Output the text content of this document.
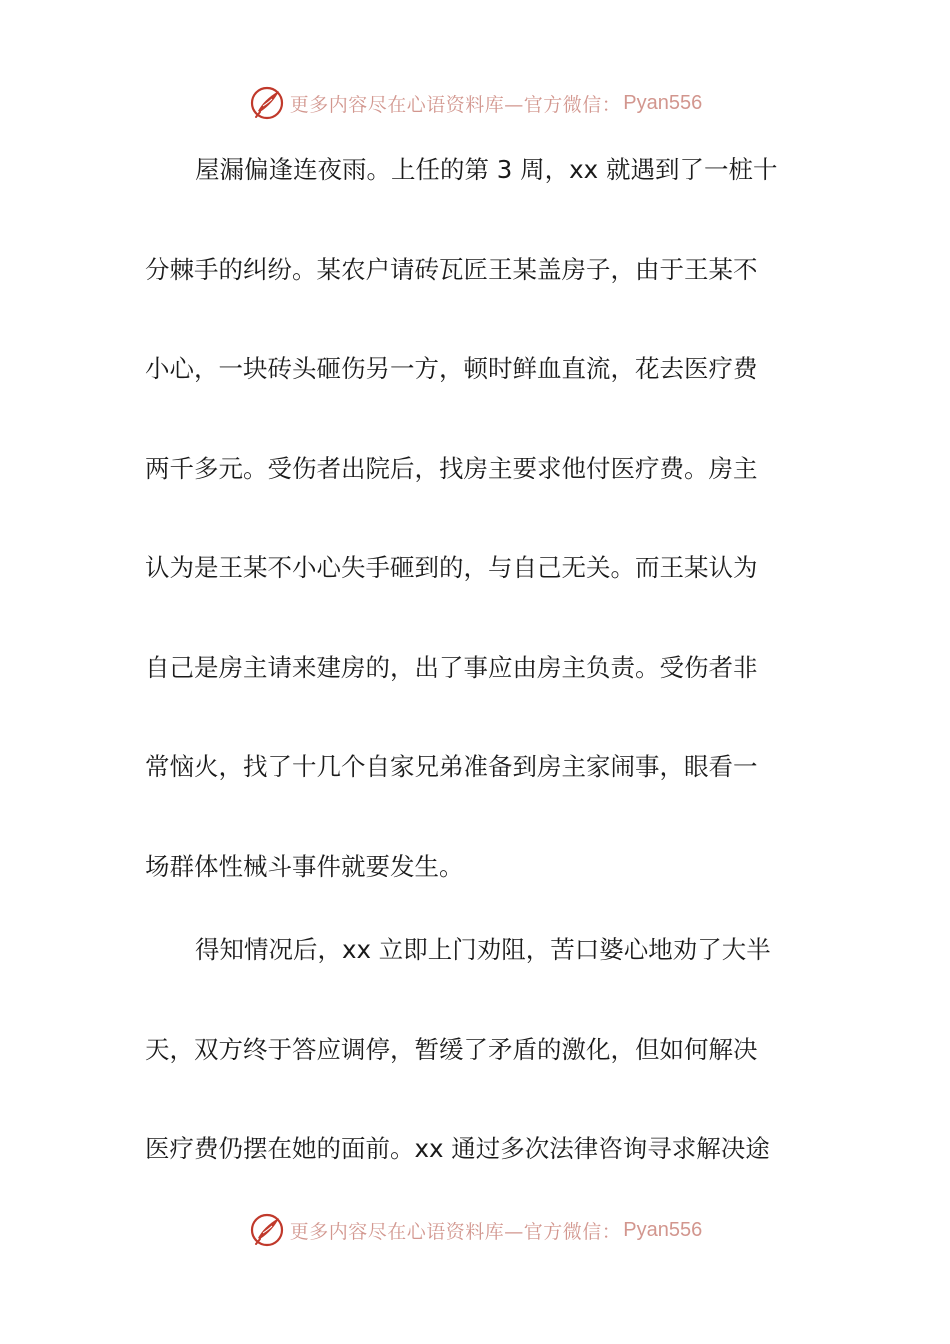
更多内容尽在心语资料库—官方微信： Pyan556
屋漏偏逢连夜雨。上任的第 3 周，xx 就遇到了一桩十
分棘手的纠纷。某农户请砖瓦匠王某盖房子，由于王某不
小心，一块砖头砸伤另一方，顿时鲜血直流，花去医疗费
两千多元。受伤者出院后，找房主要求他付医疗费。房主
认为是王某不小心失手砸到的，与自己无关。而王某认为
自己是房主请来建房的，出了事应由房主负责。受伤者非
常恼火，找了十几个自家兄弟准备到房主家闹事，眼看一
场群体性械斗事件就要发生。
得知情况后，xx 立即上门劝阻，苦口婆心地劝了大半
天，双方终于答应调停，暂缓了矛盾的激化，但如何解决
医疗费仍摆在她的面前。xx 通过多次法律咨询寻求解决途
更多内容尽在心语资料库—官方微信： Pyan556
